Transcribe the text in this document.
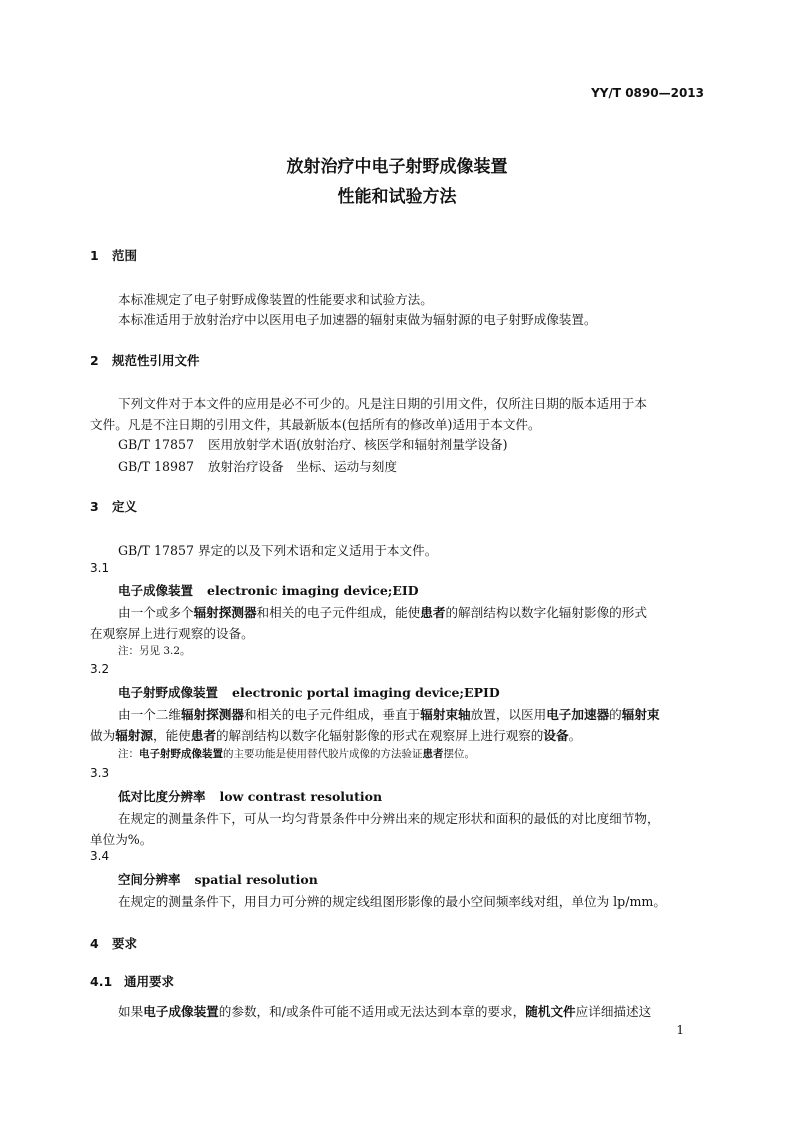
YY/T 0890—2013
放射治疗中电子射野成像装置
性能和试验方法
1 范围
本标准规定了电子射野成像装置的性能要求和试验方法。
本标准适用于放射治疗中以医用电子加速器的辐射束做为辐射源的电子射野成像装置。
2 规范性引用文件
下列文件对于本文件的应用是必不可少的。凡是注日期的引用文件，仅所注日期的版本适用于本
文件。凡是不注日期的引用文件，其最新版本(包括所有的修改单)适用于本文件。
GB/T 17857 医用放射学术语(放射治疗、核医学和辐射剂量学设备)
GB/T 18987 放射治疗设备　坐标、运动与刻度
3 定义
GB/T 17857 界定的以及下列术语和定义适用于本文件。
3.1
电子成像装置 electronic imaging device;EID
由一个或多个辐射探测器和相关的电子元件组成，能使患者的解剖结构以数字化辐射影像的形式
在观察屏上进行观察的设备。
注：另见 3.2。
3.2
电子射野成像装置 electronic portal imaging device;EPID
由一个二维辐射探测器和相关的电子元件组成，垂直于辐射束轴放置，以医用电子加速器的辐射束
做为辐射源，能使患者的解剖结构以数字化辐射影像的形式在观察屏上进行观察的设备。
注：电子射野成像装置的主要功能是使用替代胶片成像的方法验证患者摆位。
3.3
低对比度分辨率 low contrast resolution
在规定的测量条件下，可从一均匀背景条件中分辨出来的规定形状和面积的最低的对比度细节物，
单位为%。
3.4
空间分辨率 spatial resolution
在规定的测量条件下，用目力可分辨的规定线组图形影像的最小空间频率线对组，单位为 lp/mm。
4 要求
4.1 通用要求
如果电子成像装置的参数，和/或条件可能不适用或无法达到本章的要求，随机文件应详细描述这
1
